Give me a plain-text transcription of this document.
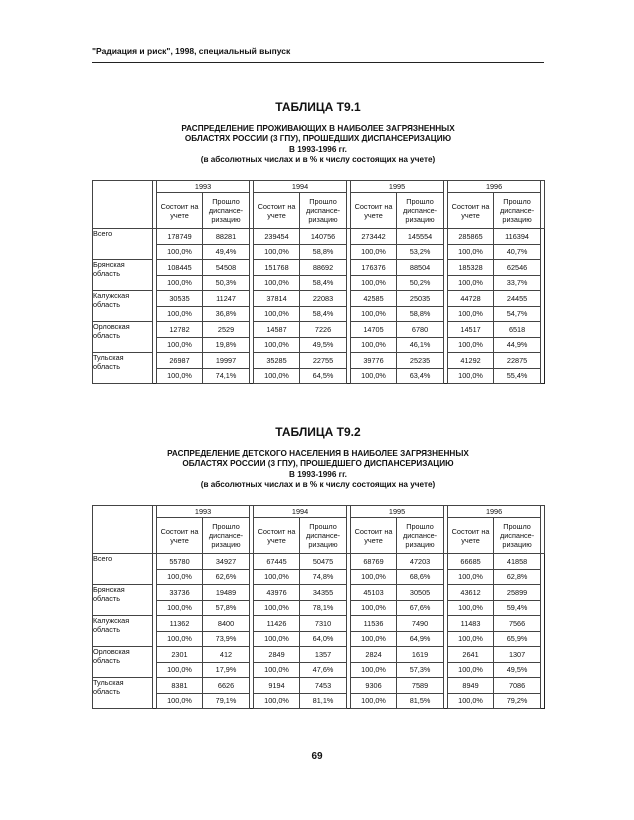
"Радиация и риск", 1998, специальный выпуск
ТАБЛИЦА Т9.1
РАСПРЕДЕЛЕНИЕ ПРОЖИВАЮЩИХ В НАИБОЛЕЕ ЗАГРЯЗНЕННЫХ
ОБЛАСТЯХ РОССИИ (3 ГПУ), ПРОШЕДШИХ ДИСПАНСЕРИЗАЦИЮ
В 1993-1996 гг.
(в абсолютных числах и в % к числу состоящих на учете)
		1993			1994			1995			1996		
		Состоит на учете	Прошло диспансе- ризацию		Состоит на учете	Прошло диспансе- ризацию		Состоит на учете	Прошло диспансе- ризацию		Состоит на учете	Прошло диспансе- ризацию	
Всего		178749	88281		239454	140756		273442	145554		285865	116394	
		100,0%	49,4%		100,0%	58,8%		100,0%	53,2%		100,0%	40,7%	
Брянская область		108445	54508		151768	88692		176376	88504		185328	62546	
		100,0%	50,3%		100,0%	58,4%		100,0%	50,2%		100,0%	33,7%	
Калужская область		30535	11247		37814	22083		42585	25035		44728	24455	
		100,0%	36,8%		100,0%	58,4%		100,0%	58,8%		100,0%	54,7%	
Орловская область		12782	2529		14587	7226		14705	6780		14517	6518	
		100,0%	19,8%		100,0%	49,5%		100,0%	46,1%		100,0%	44,9%	
Тульская область		26987	19997		35285	22755		39776	25235		41292	22875	
		100,0%	74,1%		100,0%	64,5%		100,0%	63,4%		100,0%	55,4%	
ТАБЛИЦА Т9.2
РАСПРЕДЕЛЕНИЕ ДЕТСКОГО НАСЕЛЕНИЯ В НАИБОЛЕЕ ЗАГРЯЗНЕННЫХ
ОБЛАСТЯХ РОССИИ (3 ГПУ), ПРОШЕДШЕГО ДИСПАНСЕРИЗАЦИЮ
В 1993-1996 гг.
(в абсолютных числах и в % к числу состоящих на учете)
		1993			1994			1995			1996		
		Состоит на учете	Прошло диспансе- ризацию		Состоит на учете	Прошло диспансе- ризацию		Состоит на учете	Прошло диспансе- ризацию		Состоит на учете	Прошло диспансе- ризацию	
Всего		55780	34927		67445	50475		68769	47203		66685	41858	
		100,0%	62,6%		100,0%	74,8%		100,0%	68,6%		100,0%	62,8%	
Брянская область		33736	19489		43976	34355		45103	30505		43612	25899	
		100,0%	57,8%		100,0%	78,1%		100,0%	67,6%		100,0%	59,4%	
Калужская область		11362	8400		11426	7310		11536	7490		11483	7566	
		100,0%	73,9%		100,0%	64,0%		100,0%	64,9%		100,0%	65,9%	
Орловская область		2301	412		2849	1357		2824	1619		2641	1307	
		100,0%	17,9%		100,0%	47,6%		100,0%	57,3%		100,0%	49,5%	
Тульская область		8381	6626		9194	7453		9306	7589		8949	7086	
		100,0%	79,1%		100,0%	81,1%		100,0%	81,5%		100,0%	79,2%	
69
